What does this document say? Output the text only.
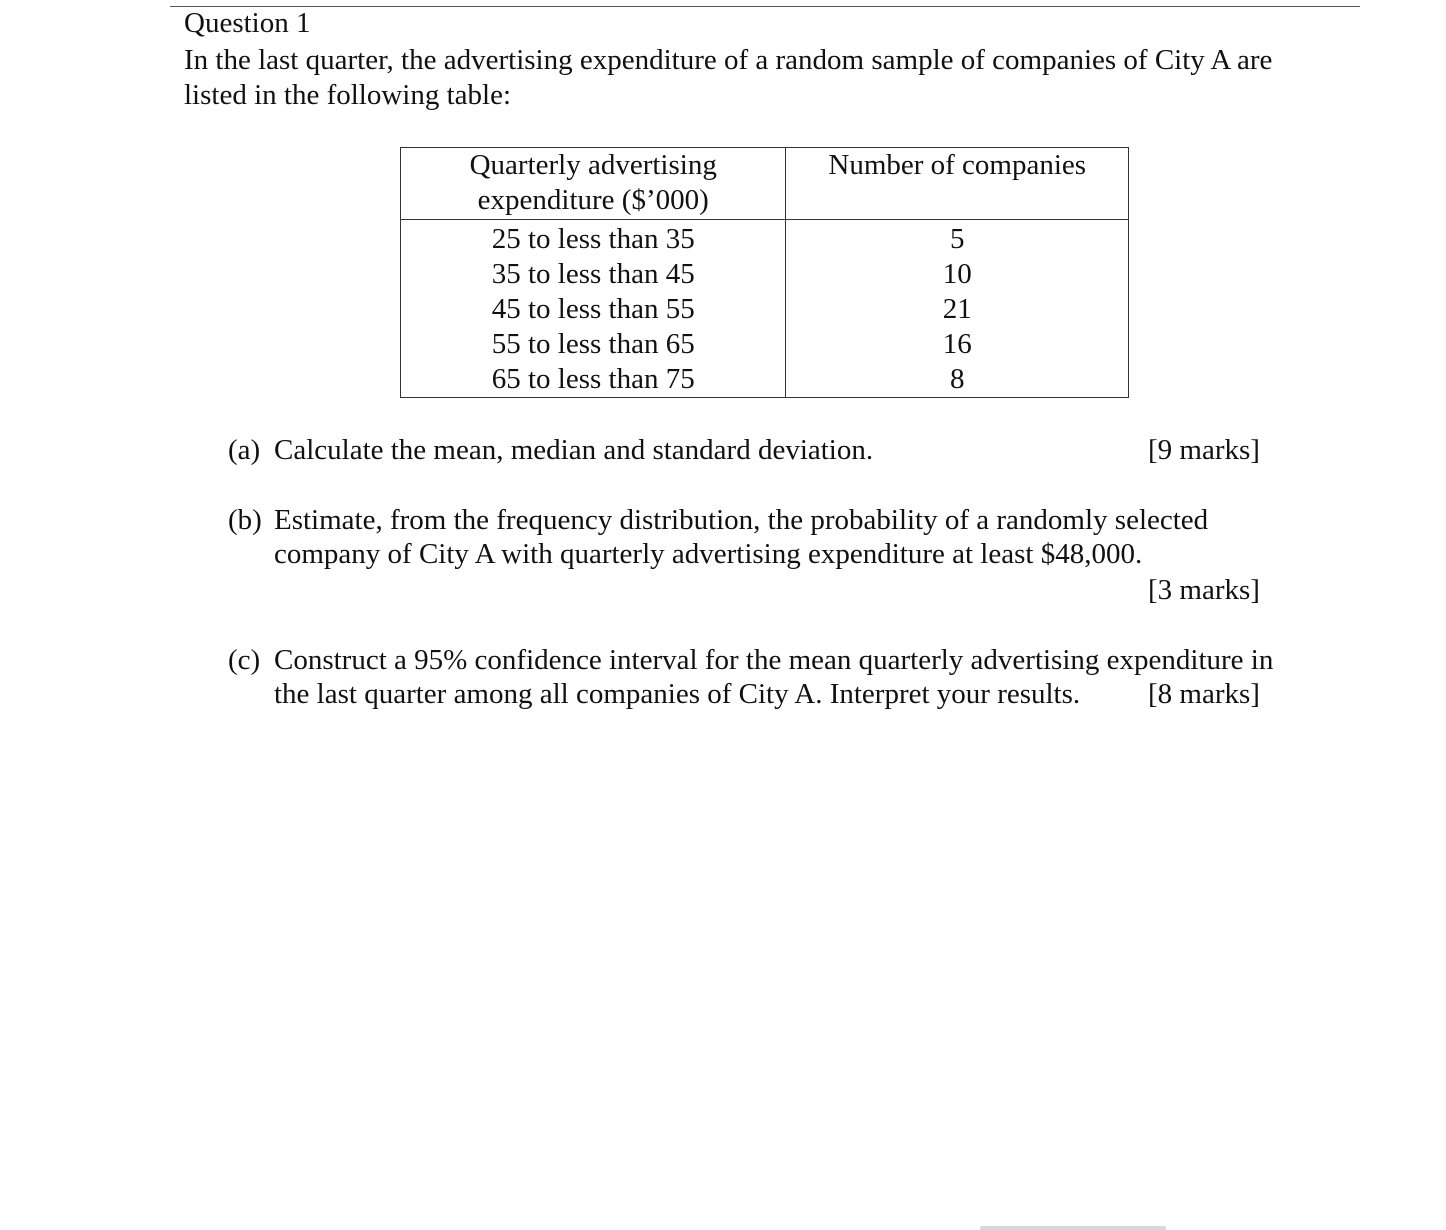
Question 1
In the last quarter, the advertising expenditure of a random sample of companies of City A are
listed in the following table:
Quarterly advertising
expenditure ($’000)	Number of companies
25 to less than 35	5
35 to less than 45	10
45 to less than 55	21
55 to less than 65	16
65 to less than 75	8
(a) Calculate the mean, median and standard deviation.	[9 marks]
(b) Estimate, from the frequency distribution, the probability of a randomly selected
company of City A with quarterly advertising expenditure at least $48,000.
[3 marks]
(c) Construct a 95% confidence interval for the mean quarterly advertising expenditure in
the last quarter among all companies of City A. Interpret your results.	[8 marks]
